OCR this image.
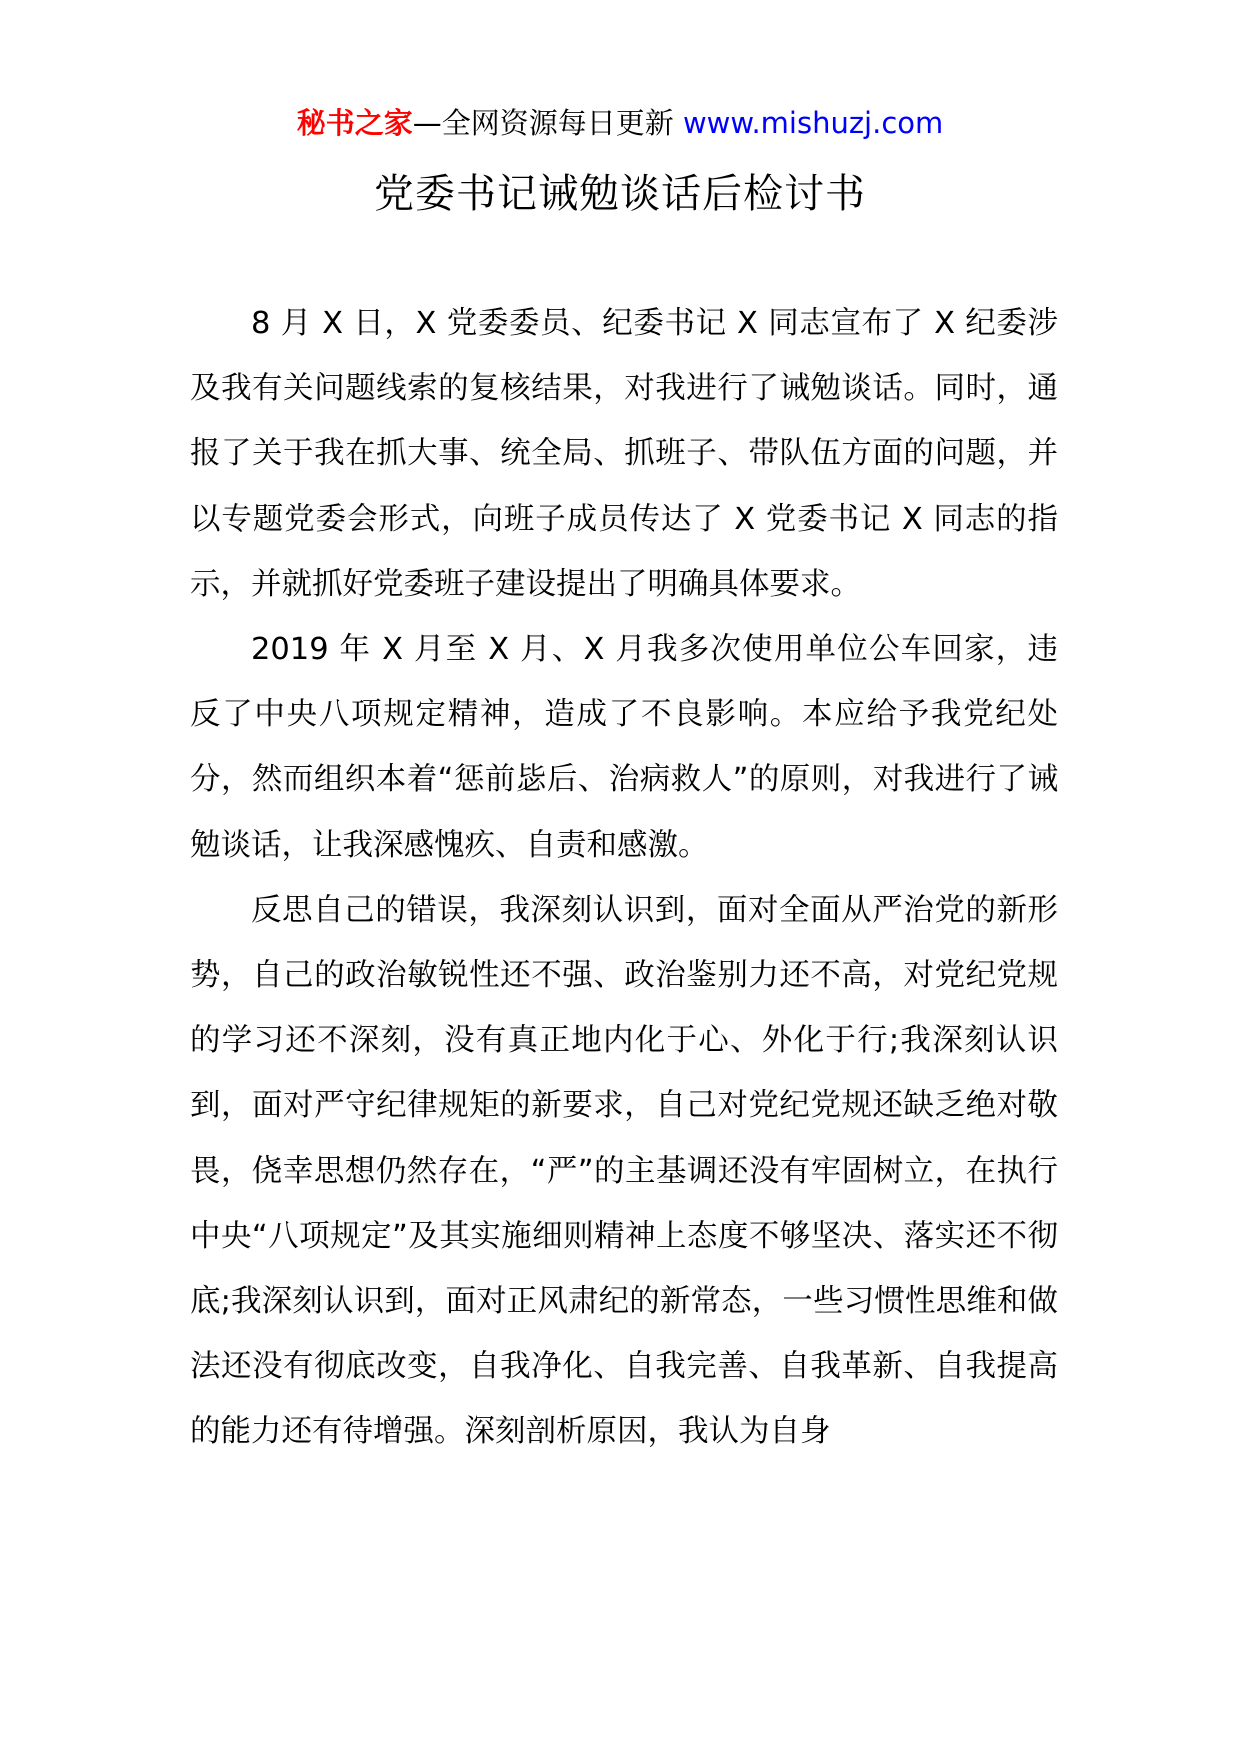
秘书之家—全网资源每日更新 www.mishuzj.com
党委书记诫勉谈话后检讨书

8 月 X 日，X 党委委员、纪委书记 X 同志宣布了 X 纪委涉及我有关问题线索的复核结果，对我进行了诫勉谈话。同时，通报了关于我在抓大事、统全局、抓班子、带队伍方面的问题，并以专题党委会形式，向班子成员传达了 X 党委书记 X 同志的指示，并就抓好党委班子建设提出了明确具体要求。

2019 年 X 月至 X 月、X 月我多次使用单位公车回家，违反了中央八项规定精神，造成了不良影响。本应给予我党纪处分，然而组织本着“惩前毖后、治病救人”的原则，对我进行了诫勉谈话，让我深感愧疚、自责和感激。

反思自己的错误，我深刻认识到，面对全面从严治党的新形势，自己的政治敏锐性还不强、政治鉴别力还不高，对党纪党规的学习还不深刻，没有真正地内化于心、外化于行;我深刻认识到，面对严守纪律规矩的新要求，自己对党纪党规还缺乏绝对敬畏，侥幸思想仍然存在，“严”的主基调还没有牢固树立，在执行中央“八项规定”及其实施细则精神上态度不够坚决、落实还不彻底;我深刻认识到，面对正风肃纪的新常态，一些习惯性思维和做法还没有彻底改变，自我净化、自我完善、自我革新、自我提高的能力还有待增强。深刻剖析原因，我认为自身
